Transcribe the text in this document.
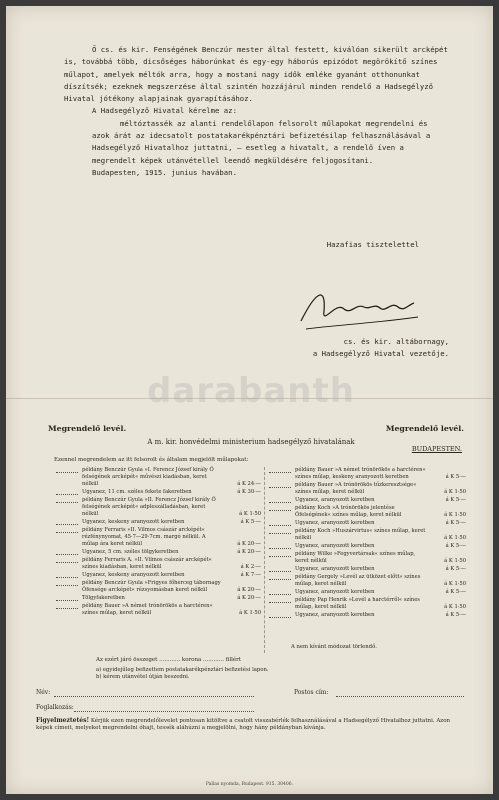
darabanth

Ő cs. és kir. Fenségének Benczúr mester által festett, kiválóan sikerült arcképét is, továbbá több, dicsőséges háborúnkat és egy-egy háborús epizódot megörökítő színes műlapot, amelyek méltók arra, hogy a mostani nagy idők emléke gyanánt otthonunkat díszítsék; ezeknek megszerzése által szintén hozzájárul minden rendelő a Hadsegélyző Hivatal jótékony alapjainak gyarapításához.

A Hadsegélyző Hivatal kérelme az:

méltóztassék az alanti rendelőlapon felsorolt műlapokat megrendelni és azok árát az idecsatolt postatakarékpénztári befizetésilap felhasználásával a Hadsegélyző Hivatalhoz juttatni, — esetleg a hivatalt, a rendelő íven a megrendelt képek utánvétellel leendő megküldésére feljogosítani.

Budapesten, 1915. junius havában.

Hazafias tisztelettel
cs. és kir. altábornagy,
a Hadsegélyző Hivatal vezetője.
Megrendelő levél.	Megrendelő levél.
A m. kir. honvédelmi ministerium hadsegélyző hivatalának
BUDAPESTEN.
Ezennel megrendelem az itt felsorolt és általam megjelölt műlapokat:
példány Benczúr Gyula »I. Ferencz József király Ő felségének arcképét« művészi kiadásban, keret nélkül	á K 24·—
Ugyanez, 11 cm. széles fekete fakeretben	á K 30·—
példány Benczúr Gyula »II. Ferencz József király Ő felségének arcképét« adpleszálladásban, keret nélkül	á K 1·50
Ugyanez, keskeny aranyozott keretben	á K 5·—
példány Ferraris »II. Vilmos császár arcképét« rézfénynyomat, 45·7—29·7cm. margó nélkül. A műlap ára keret nélkül	á K 20·—
Ugyanez, 5 cm. széles tölgykeretben	á K 20·—
példány Ferraris A. »II. Vilmos császár arcképét« színes kiadásban, keret nélkül	á K 2·—
Ugyanez, keskeny aranyozott keretben	á K 7·—
példány Benczúr Gyula »Frigyes főherceg tábornagy Őfensége arcképét« rézsyomásban keret nélkül	á K 20·—
Tölgyfakeretben	á K 20·—
példány Bauer »A német trónörökös a harctéren« színes műlap, keret nélkül	á K 1·50
példány Bauer »A német trónörökös a harctéren« színes műlap, keskeny aranyozott keretben	á K 5·—
példány Bauer »A trónörökös tűzkeresztsége« színes műlap, keret nélkül	á K 1·50
Ugyanez, aranyozott keretben	á K 5·—
példány Koch »A trónörökös jelentése Őfelségének« színes műlap, keret nélkül	á K 1·50
Ugyanez, aranyozott keretben	á K 5·—
példány Koch »Huszárvirtus« színes műlap, keret nélkül	á K 1·50
Ugyanez, aranyozott keretben	á K 5·—
példány Wilke »Fegyvertársak« színes műlap, keret nélkül	á K 1·50
Ugyanez, aranyozott keretben	á K 5·—
példány Gergely »Levél az ütközet előtt« színes műlap, keret nélkül	á K 1·50
Ugyanez, aranyozott keretben	á K 5·—
példány Pap Henrik »Levél a harctérről« színes műlap, keret nélkül	á K 1·50
Ugyanez, aranyozott keretben	á K 5·—
Az ezért járó összeget ............ korona ............ fillért
a) egyidejűleg befizettem postatakarékpénztári befizetési lapon.
b) kérem utánvétel útján beszedni.
A nem kívánt módozat törlendő.
Név:	Postos cím:
Foglalkozás:
Figyelmeztetés! Kérjük ezen megrendelőlevelet pontosan kitöltve a csatolt visszabérlék felhasználásával a Hadsegélyző Hivatalhoz juttatni. Azon képek címeit, melyeket megrendelni óhajt, tessék aláhúzni a megjelölni, hogy hány példányban kívánja.
Pallas nyomda, Budapest. 915. 30406.
